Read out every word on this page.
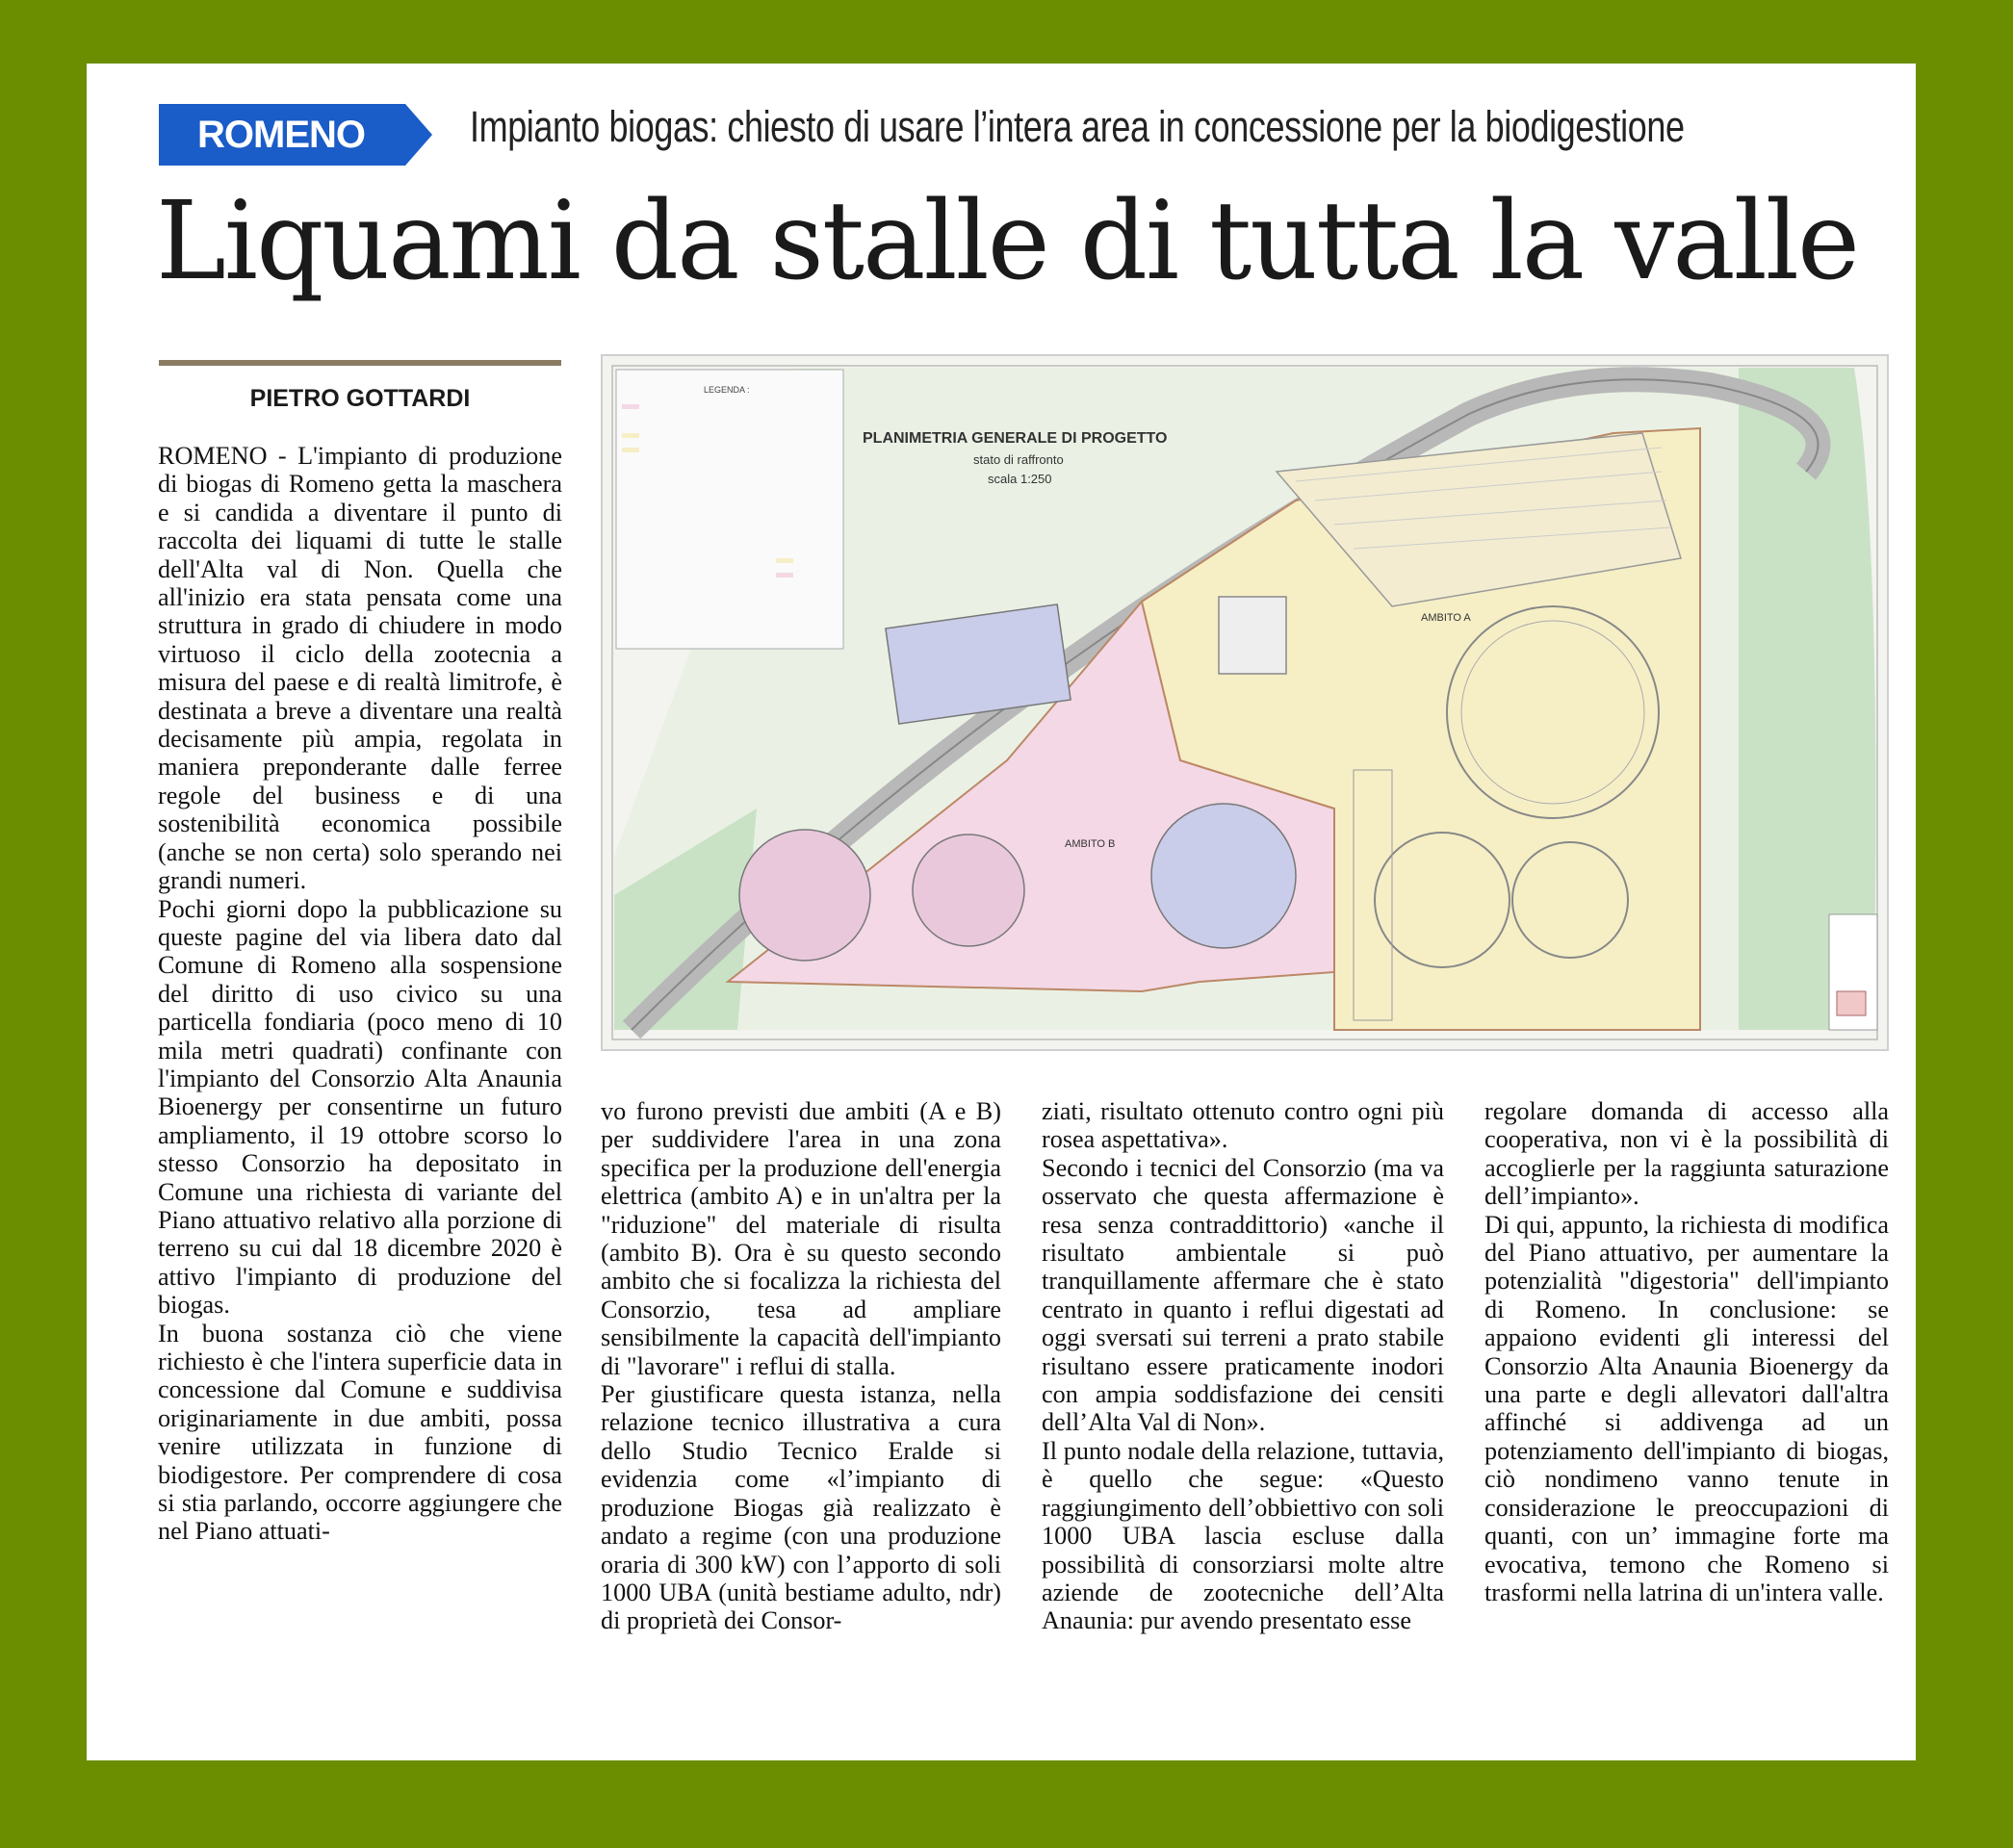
ROMENO	Impianto biogas: chiesto di usare l’intera area in concessione per la biodigestione
Liquami da stalle di tutta la valle
PIETRO GOTTARDI

ROMENO - L'impianto di produzione di biogas di Romeno getta la maschera e si candida a diventare il punto di raccolta dei liquami di tutte le stalle dell'Alta val di Non. Quella che all'inizio era stata pensata come una struttura in grado di chiudere in modo virtuoso il ciclo della zootecnia a misura del paese e di realtà limitrofe, è destinata a breve a diventare una realtà decisamente più ampia, regolata in maniera preponderante dalle ferree regole del business e di una sostenibilità economica possibile (anche se non certa) solo sperando nei grandi numeri.

Pochi giorni dopo la pubblicazione su queste pagine del via libera dato dal Comune di Romeno alla sospensione del diritto di uso civico su una particella fondiaria (poco meno di 10 mila metri quadrati) confinante con l'impianto del Consorzio Alta Anaunia Bioenergy per consentirne un futuro ampliamento, il 19 ottobre scorso lo stesso Consorzio ha depositato in Comune una richiesta di variante del Piano attuativo relativo alla porzione di terreno su cui dal 18 dicembre 2020 è attivo l'impianto di produzione del biogas.

In buona sostanza ciò che viene richiesto è che l'intera superficie data in concessione dal Comune e suddivisa originariamente in due ambiti, possa venire utilizzata in funzione di biodigestore. Per comprendere di cosa si stia parlando, occorre aggiungere che nel Piano attuati-

LEGENDA :
PLANIMETRIA GENERALE DI PROGETTO
stato di raffronto
scala 1:250
AMBITO A
AMBITO B

vo furono previsti due ambiti (A e B) per suddividere l'area in una zona specifica per la produzione dell'energia elettrica (ambito A) e in un'altra per la "riduzione" del materiale di risulta (ambito B). Ora è su questo secondo ambito che si focalizza la richiesta del Consorzio, tesa ad ampliare sensibilmente la capacità dell'impianto di "lavorare" i reflui di stalla.

Per giustificare questa istanza, nella relazione tecnico illustrativa a cura dello Studio Tecnico Eralde si evidenzia come «l’impianto di produzione Biogas già realizzato è andato a regime (con una produzione oraria di 300 kW) con l’apporto di soli 1000 UBA (unità bestiame adulto, ndr) di proprietà dei Consor-

ziati, risultato ottenuto contro ogni più rosea aspettativa».

Secondo i tecnici del Consorzio (ma va osservato che questa affermazione è resa senza contraddittorio) «anche il risultato ambientale si può tranquillamente affermare che è stato centrato in quanto i reflui digestati ad oggi sversati sui terreni a prato stabile risultano essere praticamente inodori con ampia soddisfazione dei censiti dell’Alta Val di Non».

Il punto nodale della relazione, tuttavia, è quello che segue: «Questo raggiungimento dell’obbiettivo con soli 1000 UBA lascia escluse dalla possibilità di consorziarsi molte altre aziende de zootecniche dell’Alta Anaunia: pur avendo presentato esse

regolare domanda di accesso alla cooperativa, non vi è la possibilità di accoglierle per la raggiunta saturazione dell’impianto».

Di qui, appunto, la richiesta di modifica del Piano attuativo, per aumentare la potenzialità "digestoria" dell'impianto di Romeno. In conclusione: se appaiono evidenti gli interessi del Consorzio Alta Anaunia Bioenergy da una parte e degli allevatori dall'altra affinché si addivenga ad un potenziamento dell'impianto di biogas, ciò nondimeno vanno tenute in considerazione le preoccupazioni di quanti, con un’ immagine forte ma evocativa, temono che Romeno si trasformi nella latrina di un'intera valle.
